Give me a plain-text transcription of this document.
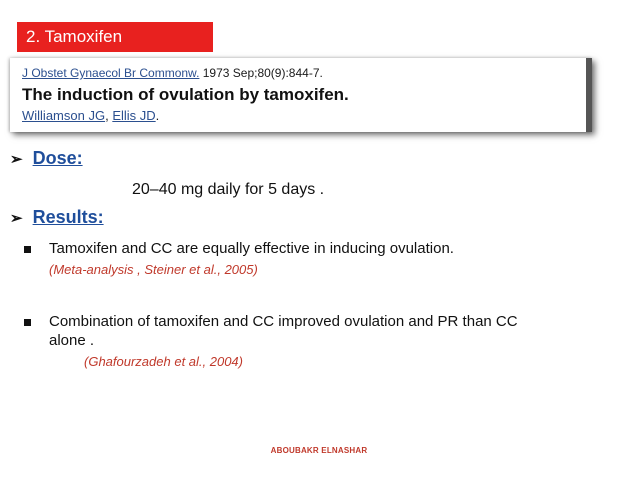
2. Tamoxifen
J Obstet Gynaecol Br Commonw. 1973 Sep;80(9):844-7.
The induction of ovulation by tamoxifen.
Williamson JG, Ellis JD.
➢ Dose:
20–40 mg daily for 5 days .
➢ Results:
Tamoxifen and CC are equally effective in inducing ovulation.
(Meta-analysis , Steiner et al., 2005)
Combination of tamoxifen and CC improved ovulation and PR than CC
alone .
(Ghafourzadeh et al., 2004)
ABOUBAKR ELNASHAR
